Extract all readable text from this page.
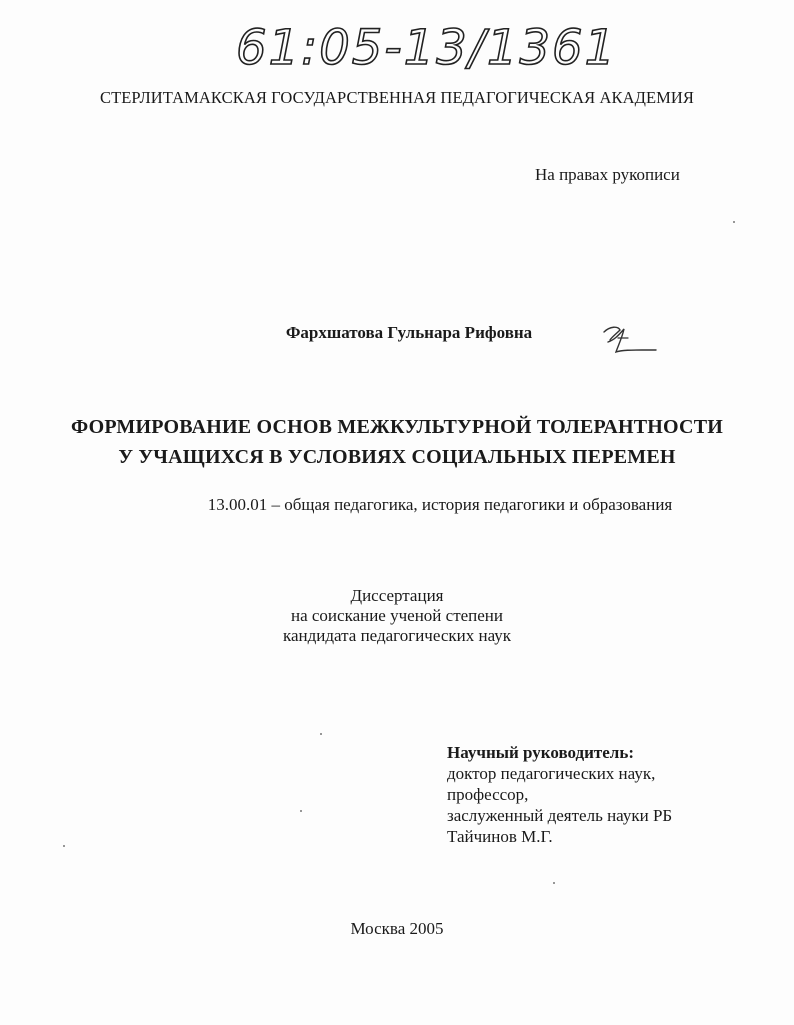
61:05-13/1361
СТЕРЛИТАМАКСКАЯ ГОСУДАРСТВЕННАЯ ПЕДАГОГИЧЕСКАЯ АКАДЕМИЯ
На правах рукописи
Фархшатова Гульнара Рифовна
ФОРМИРОВАНИЕ ОСНОВ МЕЖКУЛЬТУРНОЙ ТОЛЕРАНТНОСТИ
У УЧАЩИХСЯ В УСЛОВИЯХ СОЦИАЛЬНЫХ ПЕРЕМЕН
13.00.01 – общая педагогика, история педагогики и образования
Диссертация
на соискание ученой степени
кандидата педагогических наук
Научный руководитель:
доктор педагогических наук,
профессор,
заслуженный деятель науки РБ
Тайчинов М.Г.
Москва 2005
